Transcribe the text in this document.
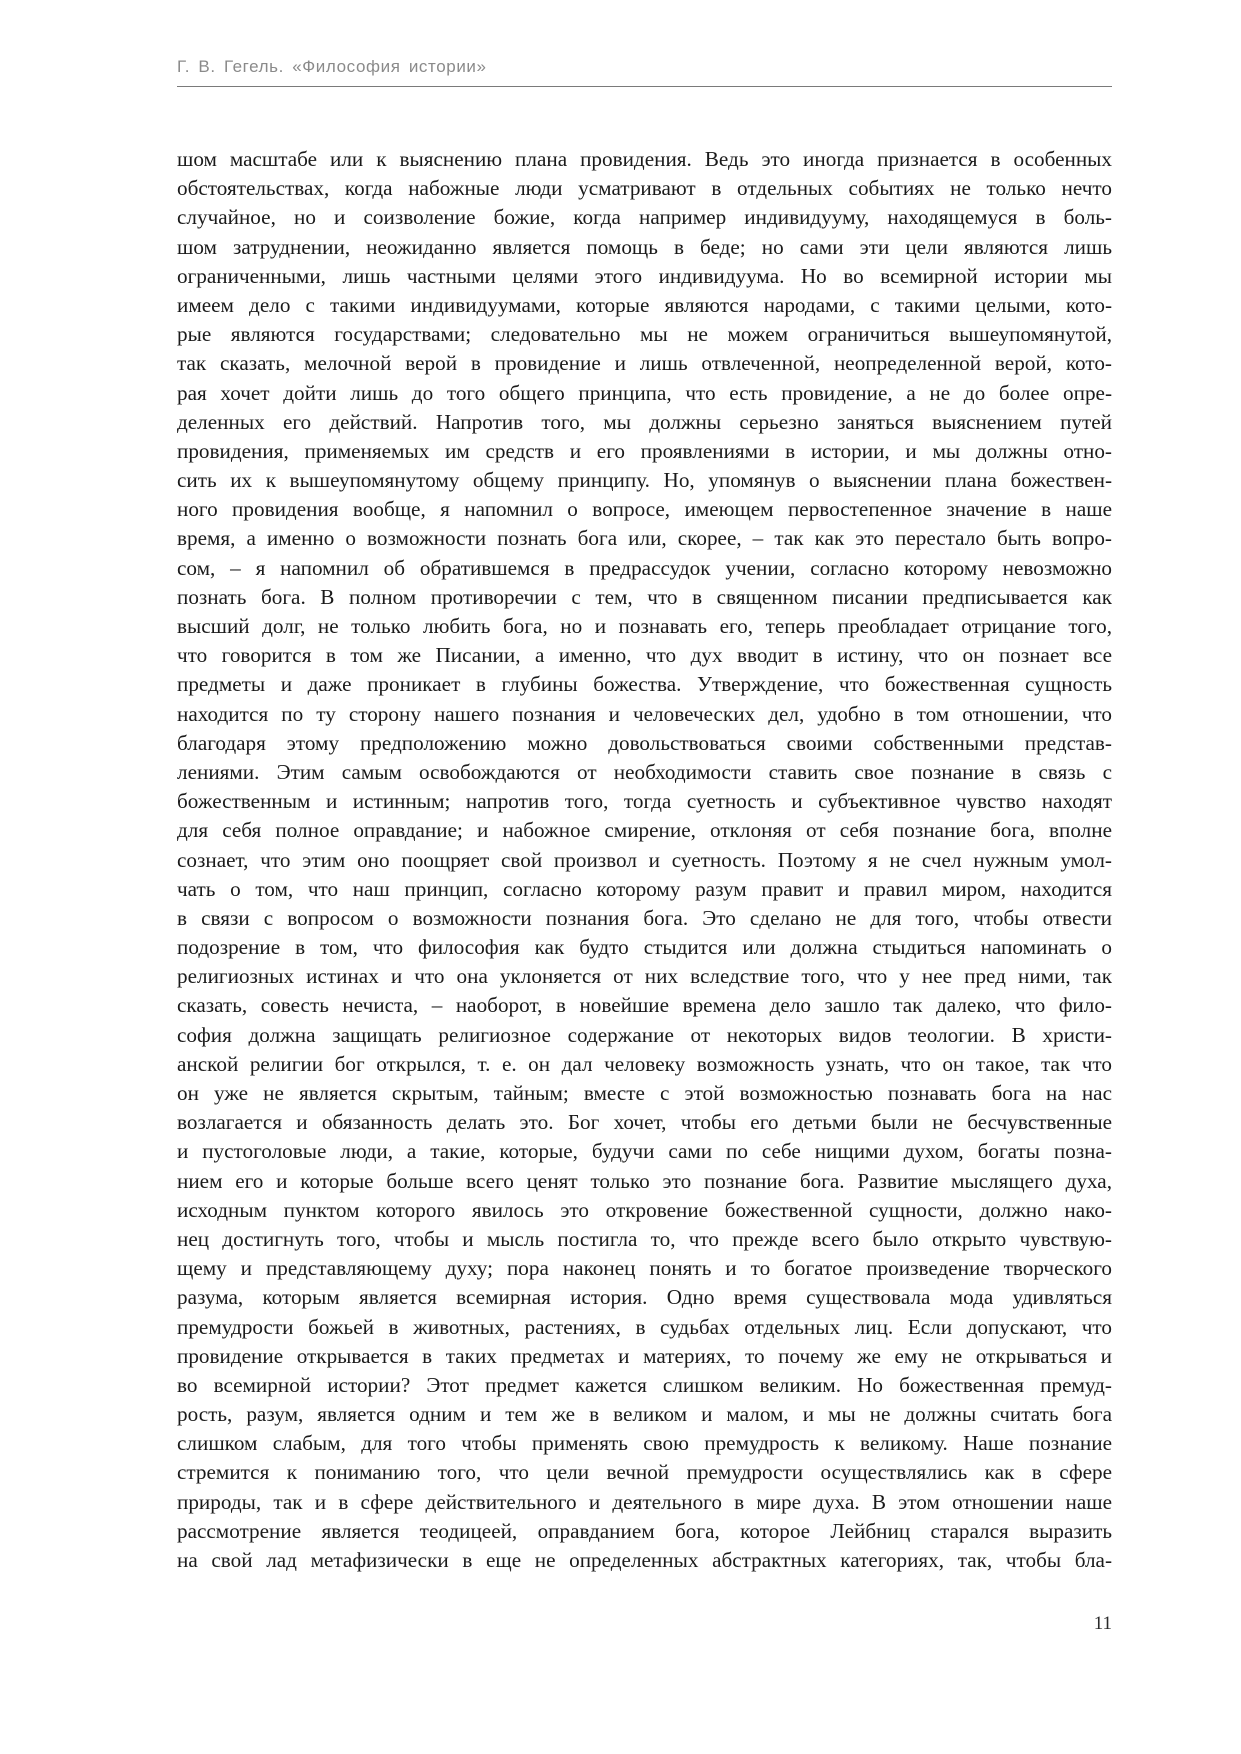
Г. В. Гегель. «Философия истории»
шом масштабе или к выяснению плана провидения. Ведь это иногда признается в особенных
обстоятельствах, когда набожные люди усматривают в отдельных событиях не только нечто
случайное, но и соизволение божие, когда например индивидууму, находящемуся в боль-
шом затруднении, неожиданно является помощь в беде; но сами эти цели являются лишь
ограниченными, лишь частными целями этого индивидуума. Но во всемирной истории мы
имеем дело с такими индивидуумами, которые являются народами, с такими целыми, кото-
рые являются государствами; следовательно мы не можем ограничиться вышеупомянутой,
так сказать, мелочной верой в провидение и лишь отвлеченной, неопределенной верой, кото-
рая хочет дойти лишь до того общего принципа, что есть провидение, а не до более опре-
деленных его действий. Напротив того, мы должны серьезно заняться выяснением путей
провидения, применяемых им средств и его проявлениями в истории, и мы должны отно-
сить их к вышеупомянутому общему принципу. Но, упомянув о выяснении плана божествен-
ного провидения вообще, я напомнил о вопросе, имеющем первостепенное значение в наше
время, а именно о возможности познать бога или, скорее, – так как это перестало быть вопро-
сом, – я напомнил об обратившемся в предрассудок учении, согласно которому невозможно
познать бога. В полном противоречии с тем, что в священном писании предписывается как
высший долг, не только любить бога, но и познавать его, теперь преобладает отрицание того,
что говорится в том же Писании, а именно, что дух вводит в истину, что он познает все
предметы и даже проникает в глубины божества. Утверждение, что божественная сущность
находится по ту сторону нашего познания и человеческих дел, удобно в том отношении, что
благодаря этому предположению можно довольствоваться своими собственными представ-
лениями. Этим самым освобождаются от необходимости ставить свое познание в связь с
божественным и истинным; напротив того, тогда суетность и субъективное чувство находят
для себя полное оправдание; и набожное смирение, отклоняя от себя познание бога, вполне
сознает, что этим оно поощряет свой произвол и суетность. Поэтому я не счел нужным умол-
чать о том, что наш принцип, согласно которому разум правит и правил миром, находится
в связи с вопросом о возможности познания бога. Это сделано не для того, чтобы отвести
подозрение в том, что философия как будто стыдится или должна стыдиться напоминать о
религиозных истинах и что она уклоняется от них вследствие того, что у нее пред ними, так
сказать, совесть нечиста, – наоборот, в новейшие времена дело зашло так далеко, что фило-
софия должна защищать религиозное содержание от некоторых видов теологии. В христи-
анской религии бог открылся, т. е. он дал человеку возможность узнать, что он такое, так что
он уже не является скрытым, тайным; вместе с этой возможностью познавать бога на нас
возлагается и обязанность делать это. Бог хочет, чтобы его детьми были не бесчувственные
и пустоголовые люди, а такие, которые, будучи сами по себе нищими духом, богаты позна-
нием его и которые больше всего ценят только это познание бога. Развитие мыслящего духа,
исходным пунктом которого явилось это откровение божественной сущности, должно нако-
нец достигнуть того, чтобы и мысль постигла то, что прежде всего было открыто чувствую-
щему и представляющему духу; пора наконец понять и то богатое произведение творческого
разума, которым является всемирная история. Одно время существовала мода удивляться
премудрости божьей в животных, растениях, в судьбах отдельных лиц. Если допускают, что
провидение открывается в таких предметах и материях, то почему же ему не открываться и
во всемирной истории? Этот предмет кажется слишком великим. Но божественная премуд-
рость, разум, является одним и тем же в великом и малом, и мы не должны считать бога
слишком слабым, для того чтобы применять свою премудрость к великому. Наше познание
стремится к пониманию того, что цели вечной премудрости осуществлялись как в сфере
природы, так и в сфере действительного и деятельного в мире духа. В этом отношении наше
рассмотрение является теодицеей, оправданием бога, которое Лейбниц старался выразить
на свой лад метафизически в еще не определенных абстрактных категориях, так, чтобы бла-
11
